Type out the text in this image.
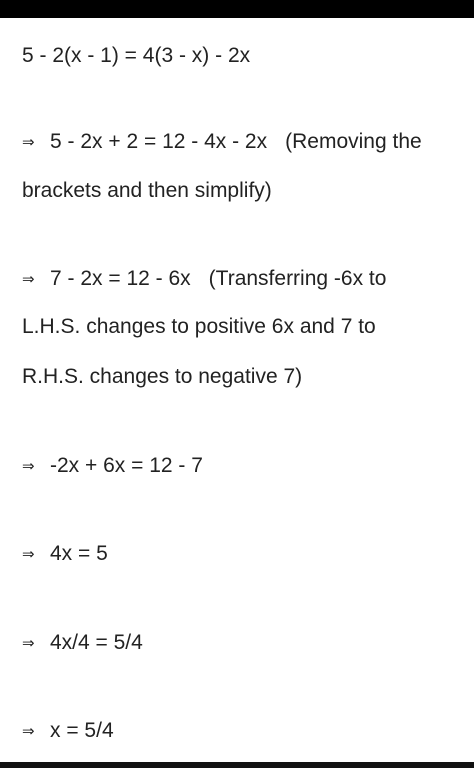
5 - 2(x - 1) = 4(3 - x) - 2x
⇒ 5 - 2x + 2 = 12 - 4x - 2x (Removing the
brackets and then simplify)
⇒ 7 - 2x = 12 - 6x (Transferring -6x to
L.H.S. changes to positive 6x and 7 to
R.H.S. changes to negative 7)
⇒ -2x + 6x = 12 - 7
⇒ 4x = 5
⇒ 4x/4 = 5/4
⇒ x = 5/4
